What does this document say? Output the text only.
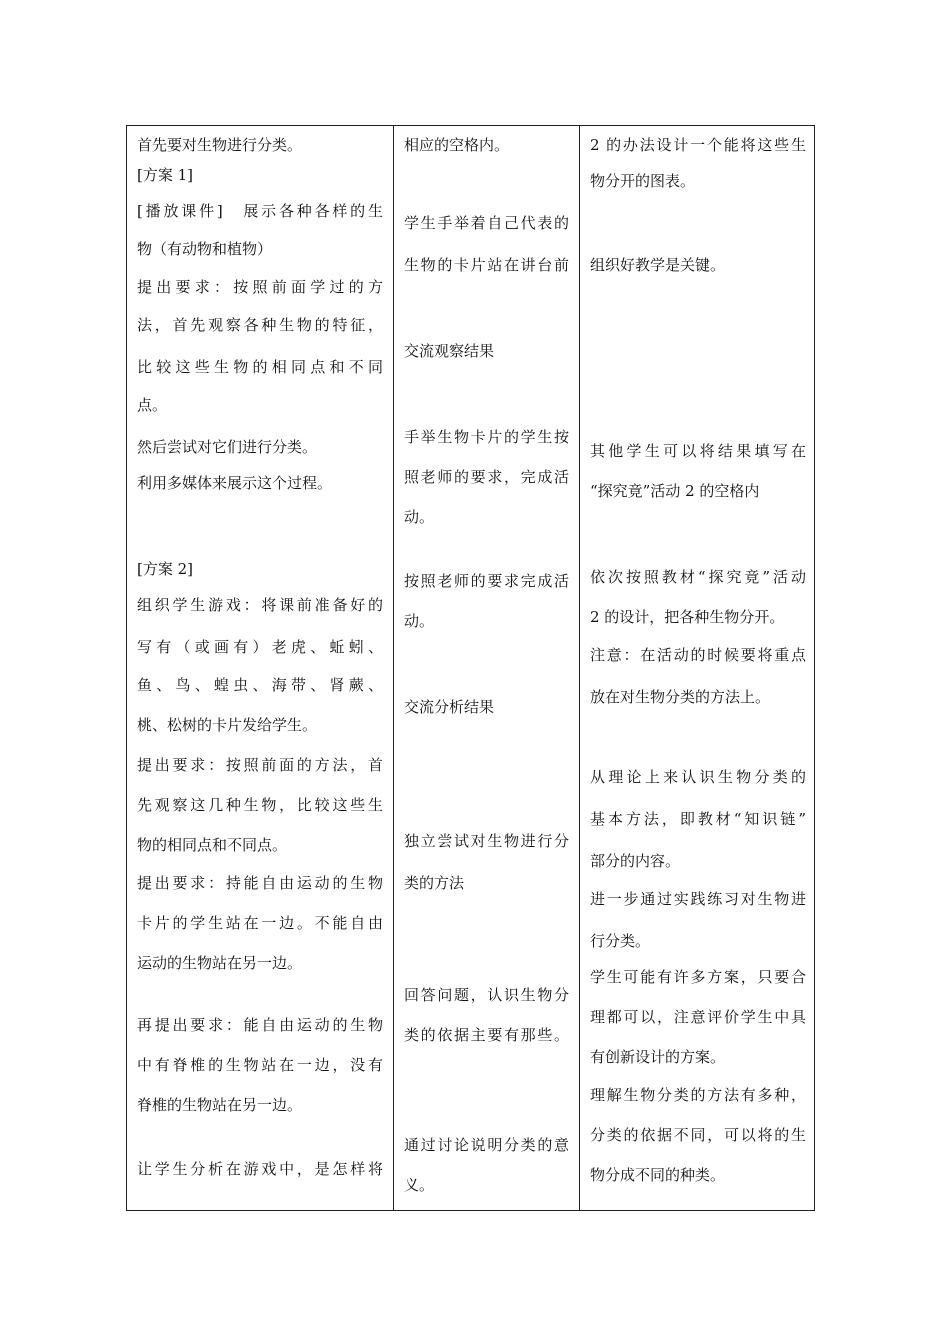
首先要对生物进行分类。

[方案 1]

[播放课件]　展示各种各样的生

物（有动物和植物）

提出要求：按照前面学过的方

法，首先观察各种生物的特征，

比较这些生物的相同点和不同

点。

然后尝试对它们进行分类。

利用多媒体来展示这个过程。

[方案 2]

组织学生游戏：将课前准备好的

写有（或画有）老虎、蚯蚓、

鱼、鸟、蝗虫、海带、肾蕨、

桃、松树的卡片发给学生。

提出要求：按照前面的方法，首

先观察这几种生物，比较这些生

物的相同点和不同点。

提出要求：持能自由运动的生物

卡片的学生站在一边。不能自由

运动的生物站在另一边。

再提出要求：能自由运动的生物

中有脊椎的生物站在一边，没有

脊椎的生物站在另一边。

让学生分析在游戏中，是怎样将

相应的空格内。

学生手举着自己代表的

生物的卡片站在讲台前

交流观察结果

手举生物卡片的学生按

照老师的要求，完成活

动。

按照老师的要求完成活

动。

交流分析结果

独立尝试对生物进行分

类的方法

回答问题，认识生物分

类的依据主要有那些。

通过讨论说明分类的意

义。

2 的办法设计一个能将这些生

物分开的图表。

组织好教学是关键。

其他学生可以将结果填写在

“探究竟”活动 2 的空格内

依次按照教材“探究竟”活动

2 的设计，把各种生物分开。

注意：在活动的时候要将重点

放在对生物分类的方法上。

从理论上来认识生物分类的

基本方法，即教材“知识链”

部分的内容。

进一步通过实践练习对生物进

行分类。

学生可能有许多方案，只要合

理都可以，注意评价学生中具

有创新设计的方案。

理解生物分类的方法有多种，

分类的依据不同，可以将的生

物分成不同的种类。
